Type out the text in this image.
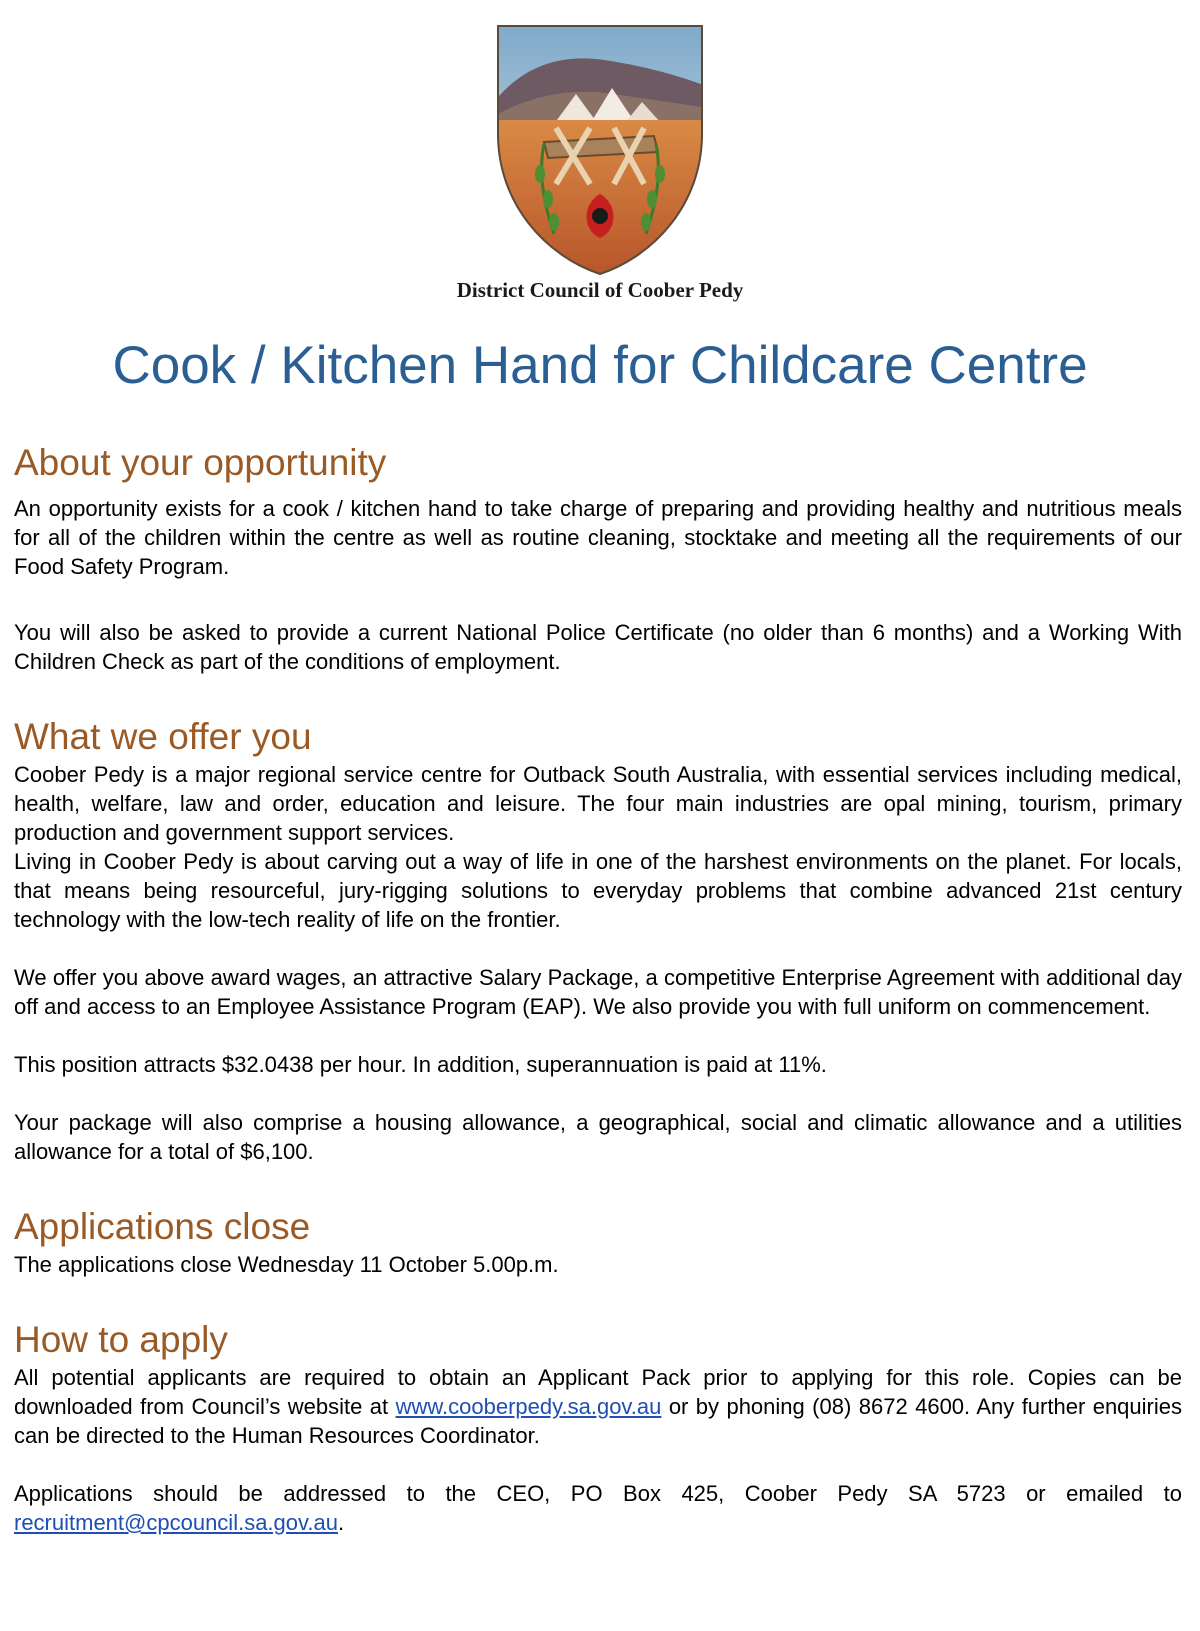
District Council of Coober Pedy
Cook / Kitchen Hand for Childcare Centre
About your opportunity

An opportunity exists for a cook / kitchen hand to take charge of preparing and providing healthy and nutritious meals for all of the children within the centre as well as routine cleaning, stocktake and meeting all the requirements of our Food Safety Program.

You will also be asked to provide a current National Police Certificate (no older than 6 months) and a Working With Children Check as part of the conditions of employment.

What we offer you

Coober Pedy is a major regional service centre for Outback South Australia, with essential services including medical, health, welfare, law and order, education and leisure. The four main industries are opal mining, tourism, primary production and government support services.

Living in Coober Pedy is about carving out a way of life in one of the harshest environments on the planet. For locals, that means being resourceful, jury-rigging solutions to everyday problems that combine advanced 21st century technology with the low-tech reality of life on the frontier.

We offer you above award wages, an attractive Salary Package, a competitive Enterprise Agreement with additional day off and access to an Employee Assistance Program (EAP). We also provide you with full uniform on commencement.

This position attracts $32.0438 per hour. In addition, superannuation is paid at 11%.

Your package will also comprise a housing allowance, a geographical, social and climatic allowance and a utilities allowance for a total of $6,100.

Applications close

The applications close Wednesday 11 October 5.00p.m.

How to apply

All potential applicants are required to obtain an Applicant Pack prior to applying for this role. Copies can be downloaded from Council’s website at www.cooberpedy.sa.gov.au or by phoning (08) 8672 4600. Any further enquiries can be directed to the Human Resources Coordinator.

Applications should be addressed to the CEO, PO Box 425, Coober Pedy SA 5723 or emailed to recruitment@cpcouncil.sa.gov.au.
